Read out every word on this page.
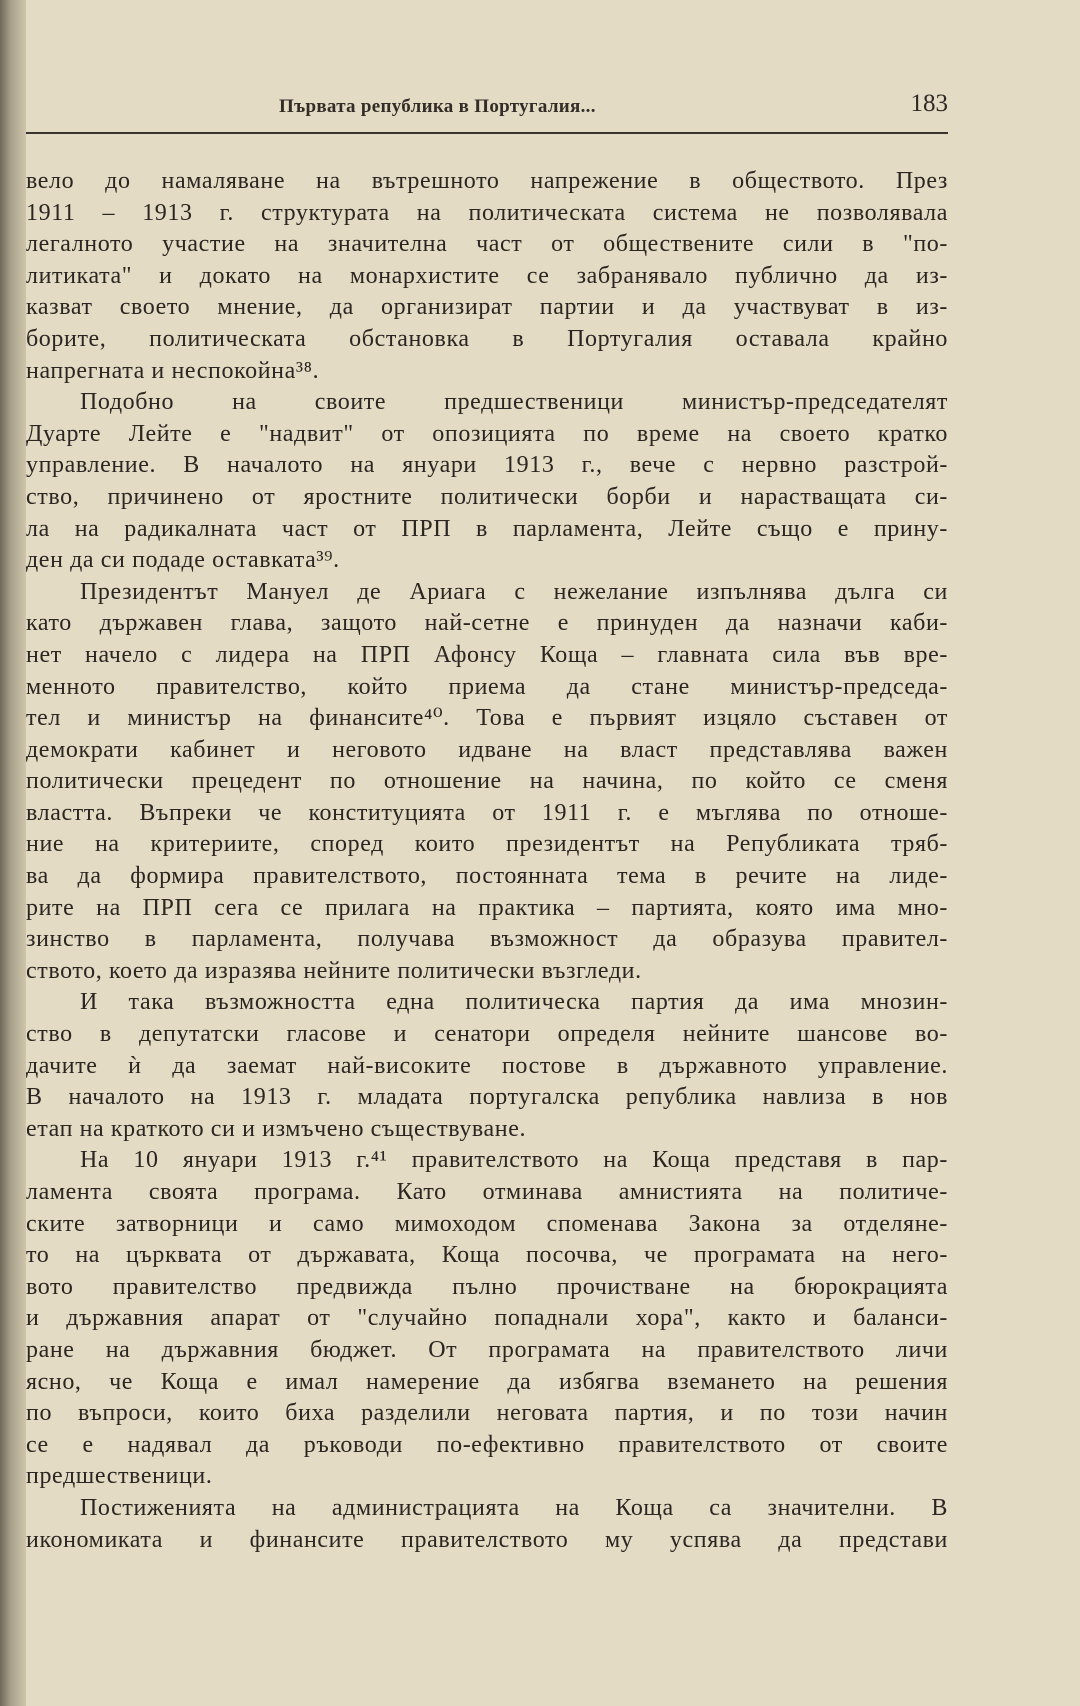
Първата република в Португалия...	183
вело до намаляване на вътрешното напрежение в обществото. През
1911 – 1913 г. структурата на политическата система не позволявала
легалното участие на значителна част от обществените сили в "по-
литиката" и докато на монархистите се забранявало публично да из-
казват своето мнение, да организират партии и да участвуват в из-
борите, политическата обстановка в Португалия оставала крайно
напрегната и неспокойна³⁸.
Подобно на своите предшественици министър-председателят
Дуарте Лейте е "надвит" от опозицията по време на своето кратко
управление. В началото на януари 1913 г., вече с нервно разстрой-
ство, причинено от яростните политически борби и нарастващата си-
ла на радикалната част от ПРП в парламента, Лейте също е прину-
ден да си подаде оставката³⁹.
Президентът Мануел де Ариага с нежелание изпълнява дълга си
като държавен глава, защото най-сетне е принуден да назначи каби-
нет начело с лидера на ПРП Афонсу Коща – главната сила във вре-
менното правителство, който приема да стане министър-председа-
тел и министър на финансите⁴⁰. Това е първият изцяло съставен от
демократи кабинет и неговото идване на власт представлява важен
политически прецедент по отношение на начина, по който се сменя
властта. Въпреки че конституцията от 1911 г. е мъглява по отноше-
ние на критериите, според които президентът на Републиката тряб-
ва да формира правителството, постоянната тема в речите на лиде-
рите на ПРП сега се прилага на практика – партията, която има мно-
зинство в парламента, получава възможност да образува правител-
ството, което да изразява нейните политически възгледи.
И така възможността една политическа партия да има мнозин-
ство в депутатски гласове и сенатори определя нейните шансове во-
дачите ѝ да заемат най-високите постове в държавното управление.
В началото на 1913 г. младата португалска република навлиза в нов
етап на краткото си и измъчено съществуване.
На 10 януари 1913 г.⁴¹ правителството на Коща представя в пар-
ламента своята програма. Като отминава амнистията на политиче-
ските затворници и само мимоходом споменава Закона за отделяне-
то на църквата от държавата, Коща посочва, че програмата на него-
вото правителство предвижда пълно прочистване на бюрокрацията
и държавния апарат от "случайно попаднали хора", както и баланси-
ране на държавния бюджет. От програмата на правителството личи
ясно, че Коща е имал намерение да избягва вземането на решения
по въпроси, които биха разделили неговата партия, и по този начин
се е надявал да ръководи по-ефективно правителството от своите
предшественици.
Постиженията на администрацията на Коща са значителни. В
икономиката и финансите правителството му успява да представи
